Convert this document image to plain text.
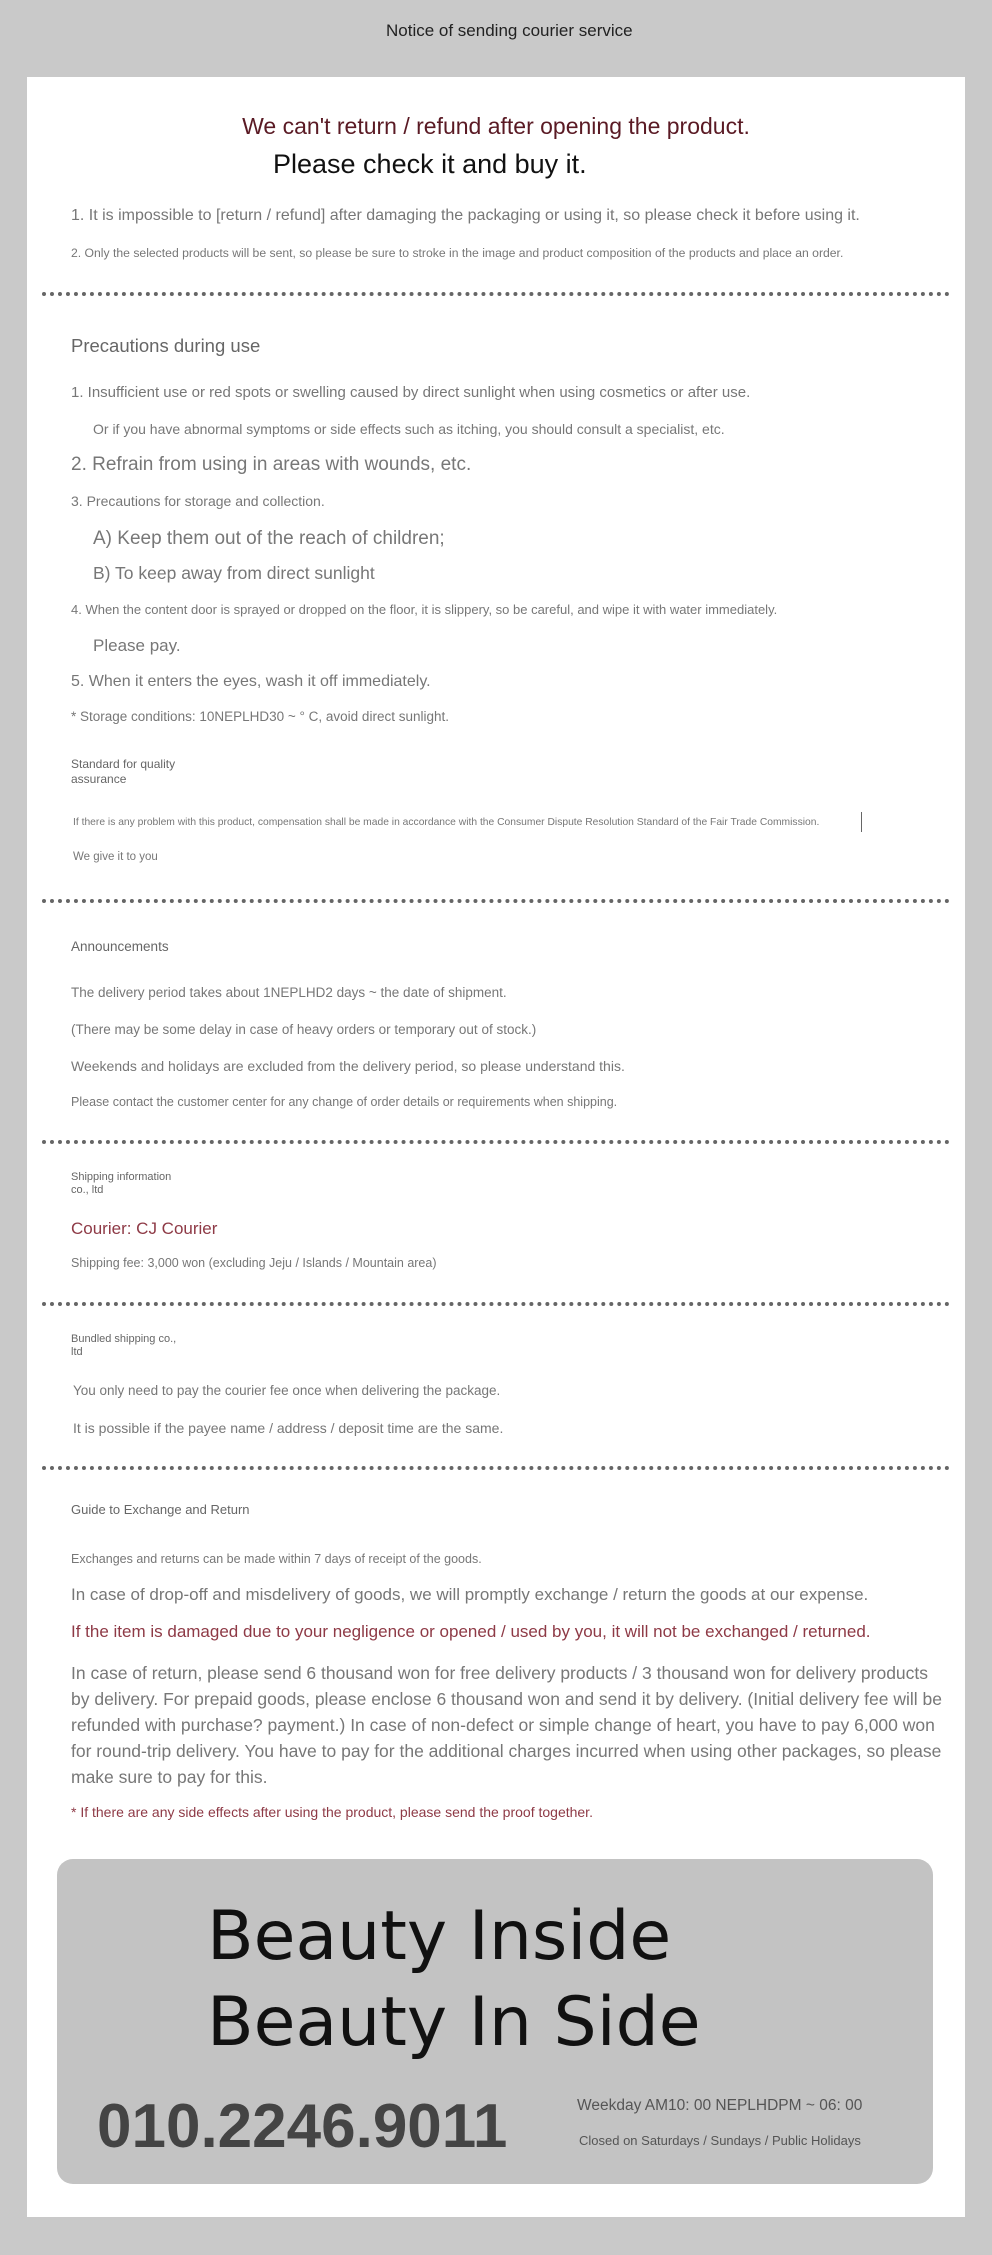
Notice of sending courier service
We can't return / refund after opening the product.
Please check it and buy it.
1. It is impossible to [return / refund] after damaging the packaging or using it, so please check it before using it.
2. Only the selected products will be sent, so please be sure to stroke in the image and product composition of the products and place an order.
Precautions during use
1. Insufficient use or red spots or swelling caused by direct sunlight when using cosmetics or after use.
Or if you have abnormal symptoms or side effects such as itching, you should consult a specialist, etc.
2. Refrain from using in areas with wounds, etc.
3. Precautions for storage and collection.
A) Keep them out of the reach of children;
B) To keep away from direct sunlight
4. When the content door is sprayed or dropped on the floor, it is slippery, so be careful, and wipe it with water immediately.
Please pay.
5. When it enters the eyes, wash it off immediately.
* Storage conditions: 10NEPLHD30 ~ ° C, avoid direct sunlight.
Standard for quality assurance
If there is any problem with this product, compensation shall be made in accordance with the Consumer Dispute Resolution Standard of the Fair Trade Commission.
We give it to you
Announcements
The delivery period takes about 1NEPLHD2 days ~ the date of shipment.
(There may be some delay in case of heavy orders or temporary out of stock.)
Weekends and holidays are excluded from the delivery period, so please understand this.
Please contact the customer center for any change of order details or requirements when shipping.
Shipping information co., ltd
Courier: CJ Courier
Shipping fee: 3,000 won (excluding Jeju / Islands / Mountain area)
Bundled shipping co., ltd
You only need to pay the courier fee once when delivering the package.
It is possible if the payee name / address / deposit time are the same.
Guide to Exchange and Return
Exchanges and returns can be made within 7 days of receipt of the goods.
In case of drop-off and misdelivery of goods, we will promptly exchange / return the goods at our expense.
If the item is damaged due to your negligence or opened / used by you, it will not be exchanged / returned.
In case of return, please send 6 thousand won for free delivery products / 3 thousand won for delivery products by delivery. For prepaid goods, please enclose 6 thousand won and send it by delivery. (Initial delivery fee will be refunded with purchase? payment.) In case of non-defect or simple change of heart, you have to pay 6,000 won for round-trip delivery. You have to pay for the additional charges incurred when using other packages, so please make sure to pay for this.
* If there are any side effects after using the product, please send the proof together.
Beauty Inside
Beauty In Side
010.2246.9011	Weekday AM10: 00 NEPLHDPM ~ 06: 00
Closed on Saturdays / Sundays / Public Holidays
